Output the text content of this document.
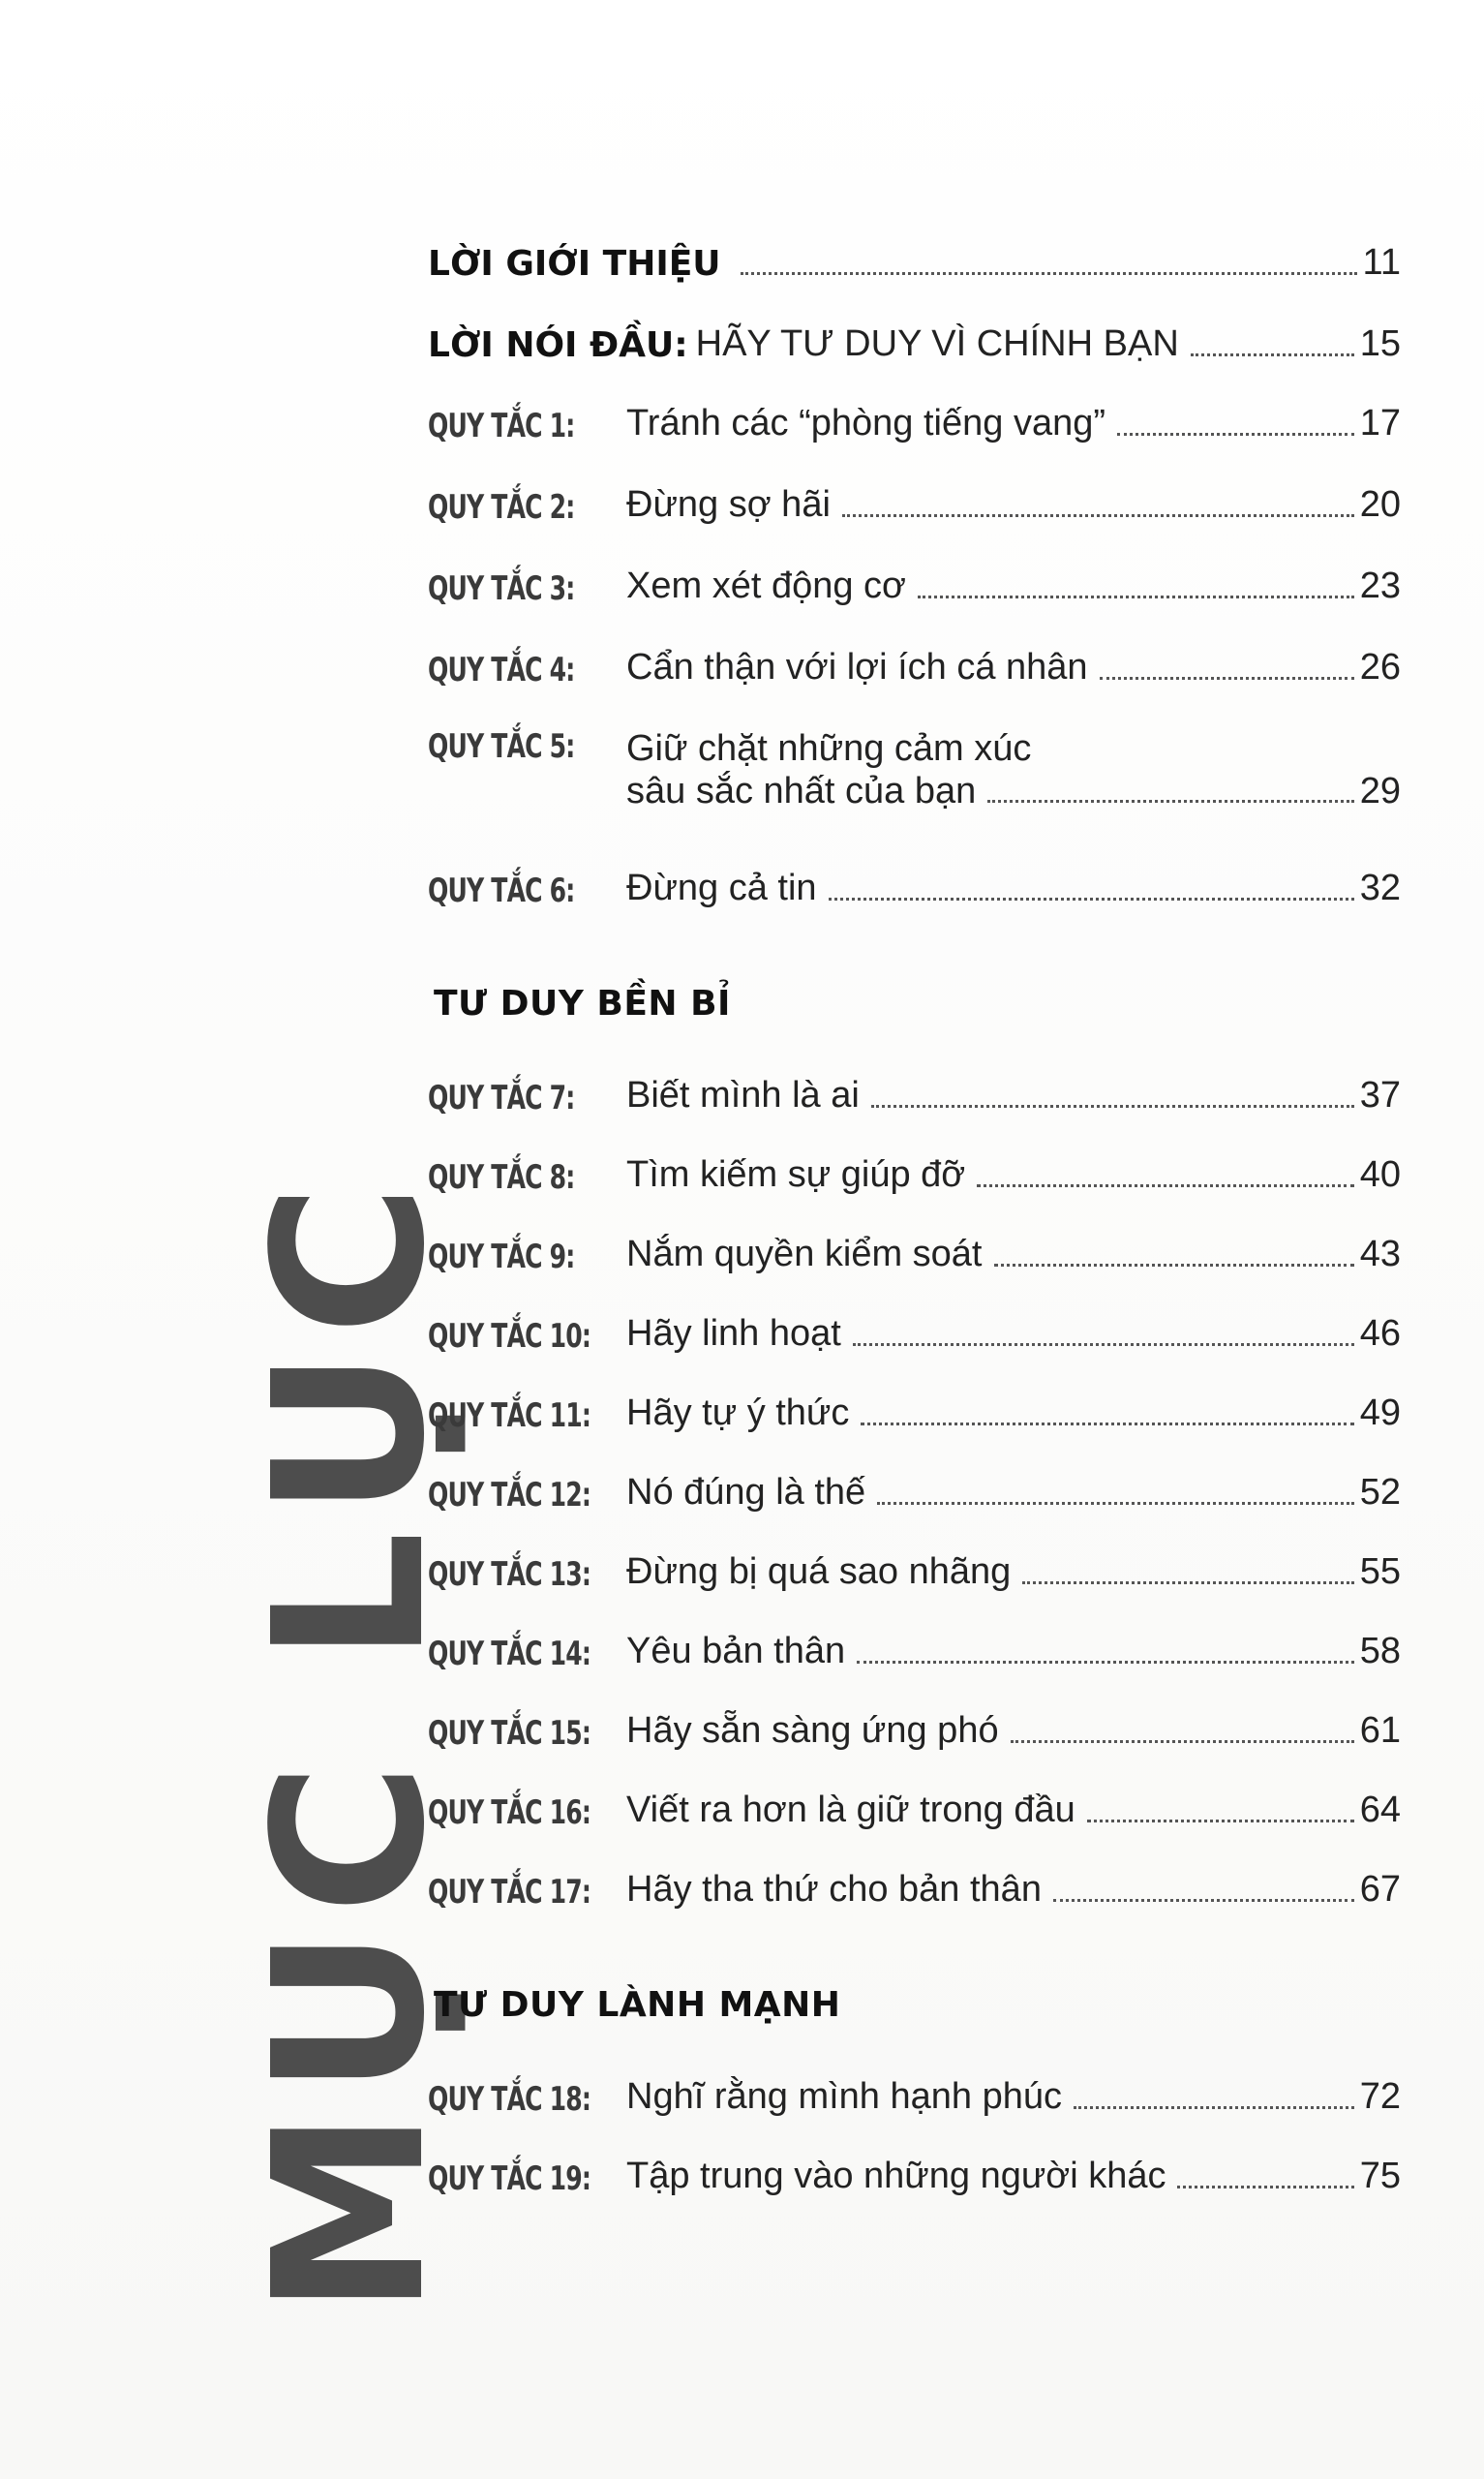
MỤC LỤC
LỜI GIỚI THIỆU	11
LỜI NÓI ĐẦU: HÃY TƯ DUY VÌ CHÍNH BẠN	15
QUY TẮC 1:	Tránh các “phòng tiếng vang”	17
QUY TẮC 2:	Đừng sợ hãi	20
QUY TẮC 3:	Xem xét động cơ	23
QUY TẮC 4:	Cẩn thận với lợi ích cá nhân	26
QUY TẮC 5:	Giữ chặt những cảm xúc
sâu sắc nhất của bạn	29
QUY TẮC 6:	Đừng cả tin	32
TƯ DUY BỀN BỈ
QUY TẮC 7:	Biết mình là ai	37
QUY TẮC 8:	Tìm kiếm sự giúp đỡ	40
QUY TẮC 9:	Nắm quyền kiểm soát	43
QUY TẮC 10: Hãy linh hoạt	46
QUY TẮC 11: Hãy tự ý thức	49
QUY TẮC 12: Nó đúng là thế	52
QUY TẮC 13: Đừng bị quá sao nhãng	55
QUY TẮC 14: Yêu bản thân	58
QUY TẮC 15: Hãy sẵn sàng ứng phó	61
QUY TẮC 16: Viết ra hơn là giữ trong đầu	64
QUY TẮC 17: Hãy tha thứ cho bản thân	67
TƯ DUY LÀNH MẠNH
QUY TẮC 18: Nghĩ rằng mình hạnh phúc	72
QUY TẮC 19: Tập trung vào những người khác	75
